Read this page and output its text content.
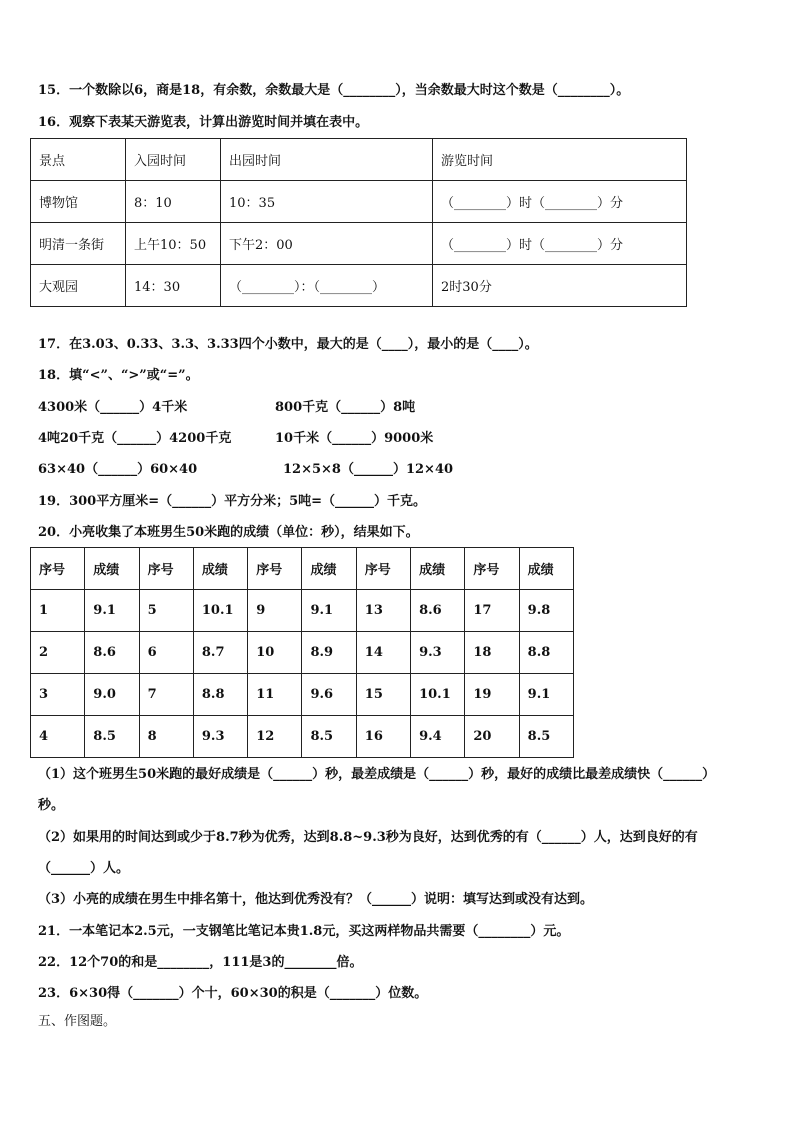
15．一个数除以6，商是18，有余数，余数最大是（________），当余数最大时这个数是（________）。
16．观察下表某天游览表，计算出游览时间并填在表中。
景点	入园时间	出园时间	游览时间
博物馆	8：10	10：35	（________）时（________）分
明清一条街	上午10：50	下午2：00	（________）时（________）分
大观园	14：30	（________）：（________）	2时30分
17．在3.03、0.33、3.3、3.33四个小数中，最大的是（____），最小的是（____）。
18．填“<”、“>”或“=”。
4300米（______）4千米	800千克（______）8吨
4吨20千克（______）4200千克	10千米（______）9000米
63×40（______）60×40	12×5×8（______）12×40
19．300平方厘米=（______）平方分米；5吨=（______）千克。
20．小亮收集了本班男生50米跑的成绩（单位：秒），结果如下。
序号	成绩	序号	成绩	序号	成绩	序号	成绩	序号	成绩
1	9.1	5	10.1	9	9.1	13	8.6	17	9.8
2	8.6	6	8.7	10	8.9	14	9.3	18	8.8
3	9.0	7	8.8	11	9.6	15	10.1	19	9.1
4	8.5	8	9.3	12	8.5	16	9.4	20	8.5
（1）这个班男生50米跑的最好成绩是（______）秒，最差成绩是（______）秒，最好的成绩比最差成绩快（______）
秒。
（2）如果用的时间达到或少于8.7秒为优秀，达到8.8~9.3秒为良好，达到优秀的有（______）人，达到良好的有
（______）人。
（3）小亮的成绩在男生中排名第十，他达到优秀没有？（______）说明：填写达到或没有达到。
21．一本笔记本2.5元，一支钢笔比笔记本贵1.8元，买这两样物品共需要（________）元。
22．12个70的和是________，111是3的________倍。
23．6×30得（_______）个十，60×30的积是（_______）位数。
五、作图题。
